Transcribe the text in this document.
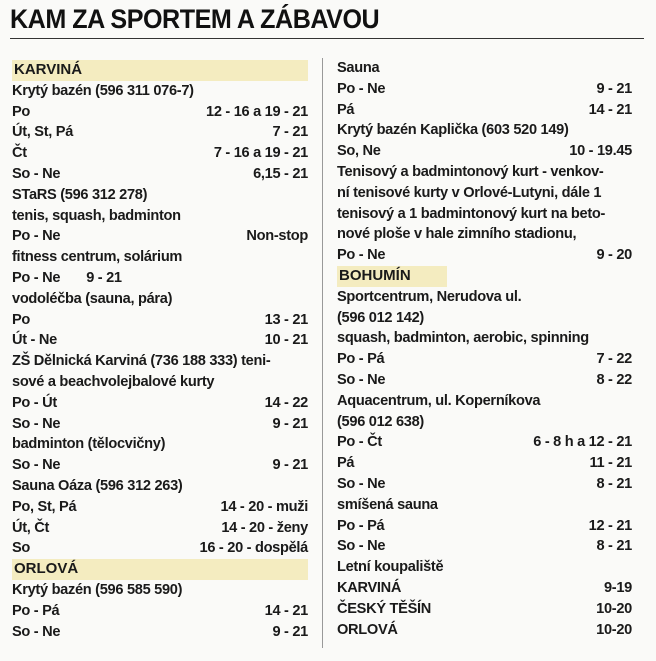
KAM ZA SPORTEM A ZÁBAVOU
KARVINÁ
Krytý bazén (596 311 076-7)
Po	12 - 16 a 19 - 21
Út, St, Pá	7 - 21
Čt	7 - 16 a 19 - 21
So - Ne	6,15 - 21
STaRS (596 312 278)
tenis, squash, badminton
Po - Ne	Non-stop
fitness centrum, solárium
Po - Ne 9 - 21
vodoléčba (sauna, pára)
Po	13 - 21
Út - Ne	10 - 21
ZŠ Dělnická Karviná (736 188 333) teni-
sové a beachvolejbalové kurty
Po - Út	14 - 22
So - Ne	9 - 21
badminton (tělocvičny)
So - Ne	9 - 21
Sauna Oáza (596 312 263)
Po, St, Pá	14 - 20 - muži
Út, Čt	14 - 20 - ženy
So	16 - 20 - dospělá
ORLOVÁ
Krytý bazén (596 585 590)
Po - Pá	14 - 21
So - Ne	9 - 21
Sauna
Po - Ne	9 - 21
Pá	14 - 21
Krytý bazén Kaplička (603 520 149)
So, Ne	10 - 19.45
Tenisový a badmintonový kurt - venkov-
ní tenisové kurty v Orlové-Lutyni, dále 1
tenisový a 1 badmintonový kurt na beto-
nové ploše v hale zimního stadionu,
Po - Ne	9 - 20
BOHUMÍN
Sportcentrum, Nerudova ul.
(596 012 142)
squash, badminton, aerobic, spinning
Po - Pá	7 - 22
So - Ne	8 - 22
Aquacentrum, ul. Koperníkova
(596 012 638)
Po - Čt	6 - 8 h a 12 - 21
Pá	11 - 21
So - Ne	8 - 21
smíšená sauna
Po - Pá	12 - 21
So - Ne	8 - 21
Letní koupaliště
KARVINÁ	9-19
ČESKÝ TĚŠÍN	10-20
ORLOVÁ	10-20
